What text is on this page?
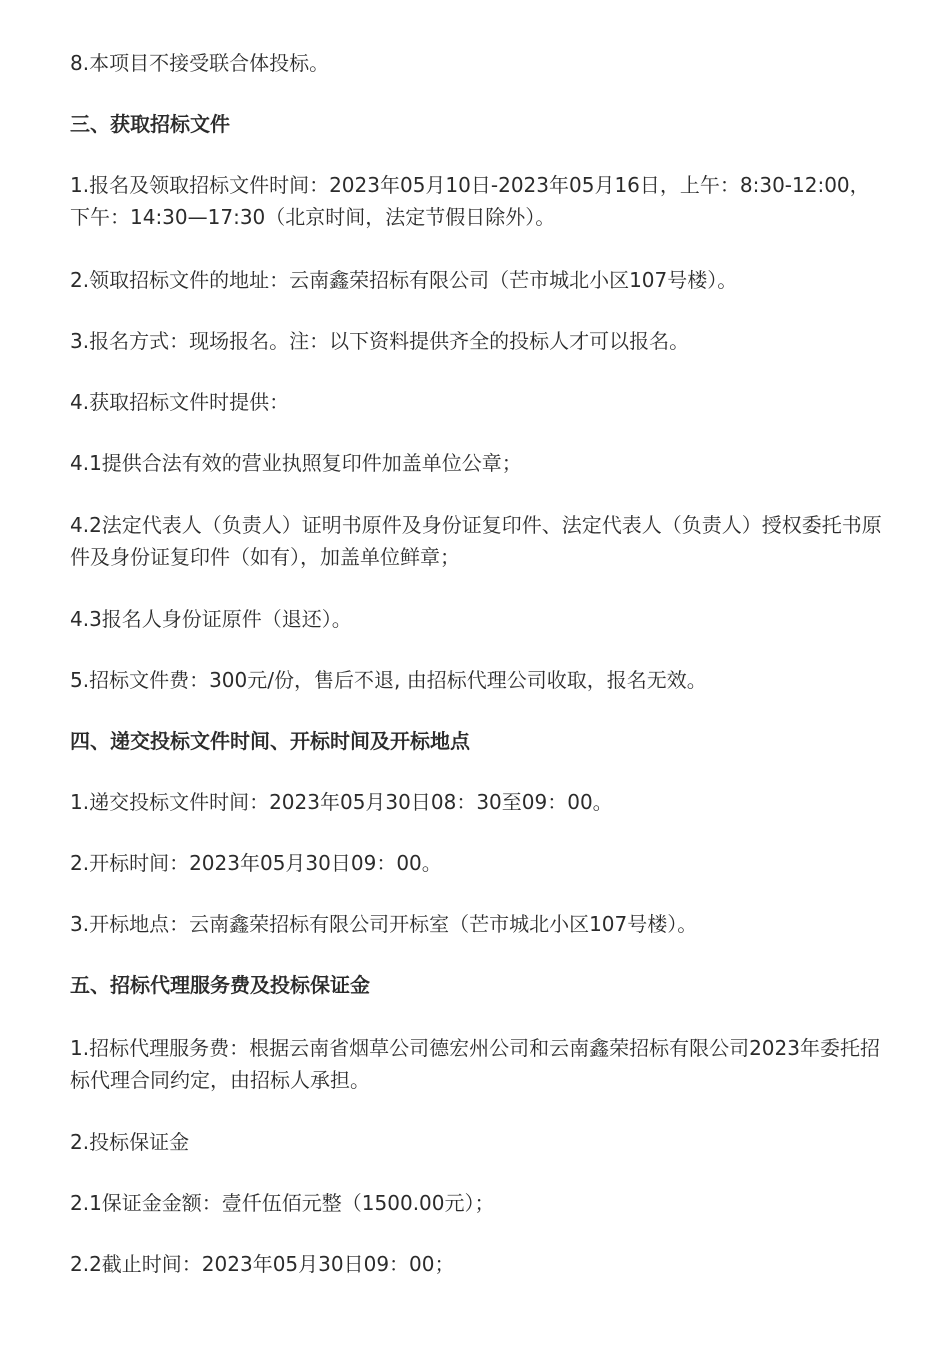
8.本项目不接受联合体投标。
三、获取招标文件
1.报名及领取招标文件时间：2023年05月10日-2023年05月16日，上午：8:30-12:00，下午：14:30—17:30（北京时间，法定节假日除外）。
2.领取招标文件的地址：云南鑫荣招标有限公司（芒市城北小区107号楼）。
3.报名方式：现场报名。注：以下资料提供齐全的投标人才可以报名。
4.获取招标文件时提供：
4.1提供合法有效的营业执照复印件加盖单位公章；
4.2法定代表人（负责人）证明书原件及身份证复印件、法定代表人（负责人）授权委托书原件及身份证复印件（如有），加盖单位鲜章；
4.3报名人身份证原件（退还）。
5.招标文件费：300元/份，售后不退, 由招标代理公司收取，报名无效。
四、递交投标文件时间、开标时间及开标地点
1.递交投标文件时间：2023年05月30日08：30至09：00。
2.开标时间：2023年05月30日09：00。
3.开标地点：云南鑫荣招标有限公司开标室（芒市城北小区107号楼）。
五、招标代理服务费及投标保证金
1.招标代理服务费：根据云南省烟草公司德宏州公司和云南鑫荣招标有限公司2023年委托招标代理合同约定，由招标人承担。
2.投标保证金
2.1保证金金额：壹仟伍佰元整（1500.00元）；
2.2截止时间：2023年05月30日09：00；
